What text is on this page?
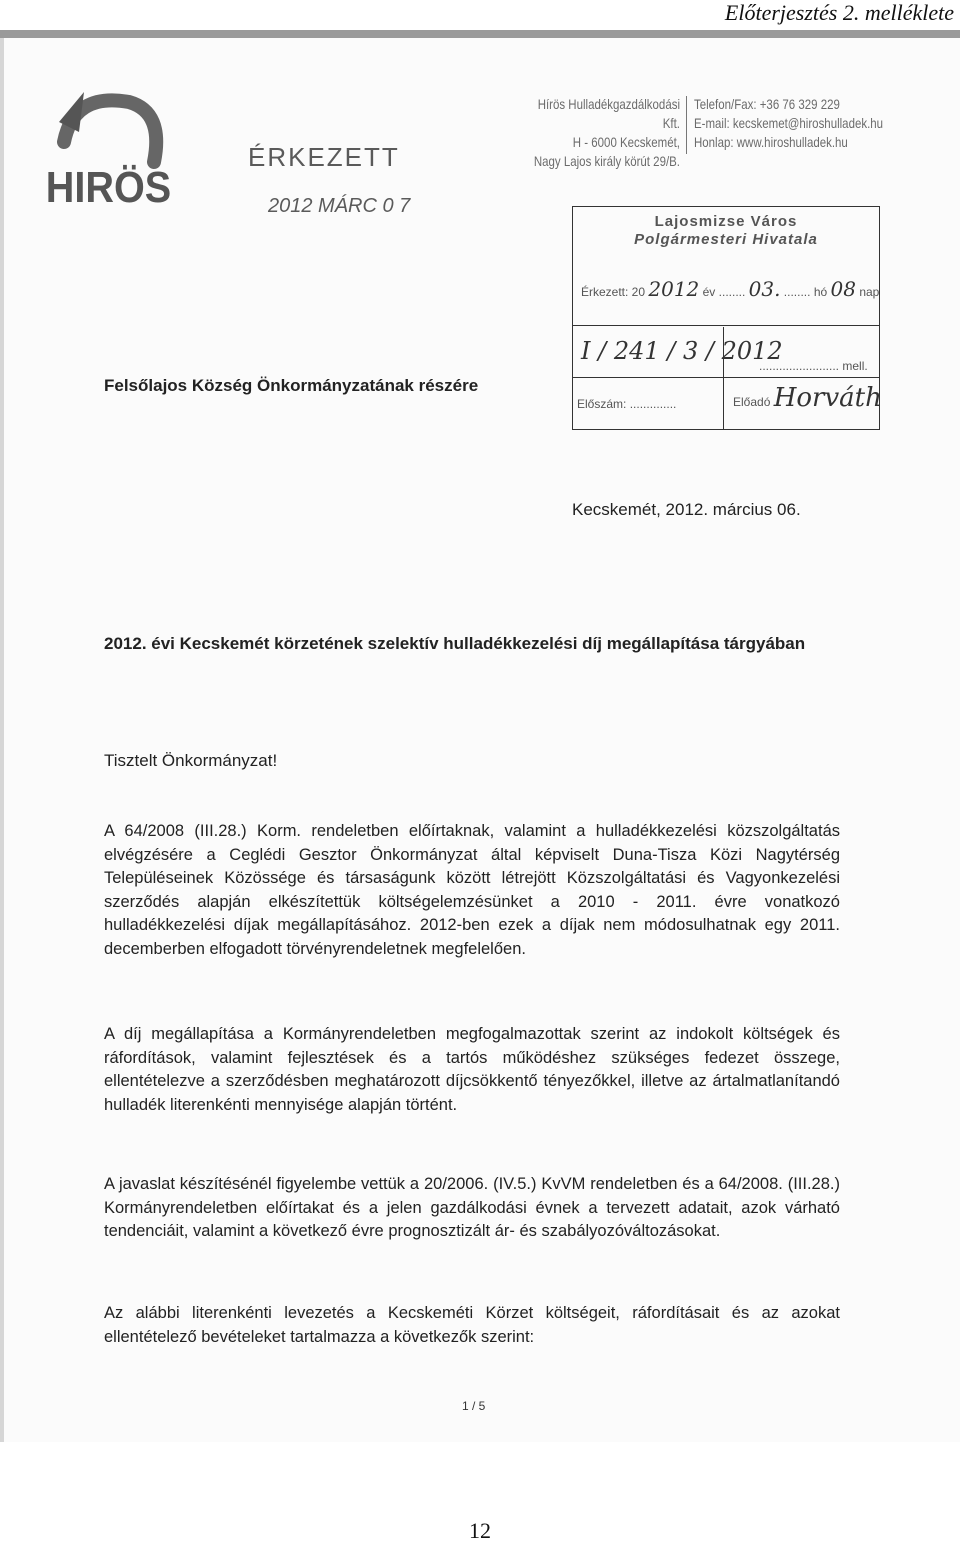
Előterjesztés 2. melléklete
HIRÖS
ÉRKEZETT
2012 MÁRC 0 7
Hírös Hulladékgazdálkodási Kft.
H - 6000 Kecskemét,
Nagy Lajos király körút 29/B.
Telefon/Fax: +36 76 329 229
E-mail: kecskemet@hiroshulladek.hu
Honlap: www.hiroshulladek.hu
Lajosmizse Város
Polgármesteri Hivatala
Érkezett: 20 2012 év ........ 03. ........ hó 08 nap
I / 241 / 3 / 2012
........................ mell.
Előszám: ..............	Előadó Horváth
Felsőlajos Község Önkormányzatának részére
Kecskemét, 2012. március 06.
2012. évi Kecskemét körzetének szelektív hulladékkezelési díj megállapítása tárgyában
Tisztelt Önkormányzat!

A 64/2008 (III.28.) Korm. rendeletben előírtaknak, valamint a hulladékkezelési közszolgáltatás elvégzésére a Ceglédi Gesztor Önkormányzat által képviselt Duna-Tisza Közi Nagytérség Településeinek Közössége és társaságunk között létrejött Közszolgáltatási és Vagyonkezelési szerződés alapján elkészítettük költségelemzésünket a 2010 - 2011. évre vonatkozó hulladékkezelési díjak megállapításához. 2012-ben ezek a díjak nem módosulhatnak egy 2011. decemberben elfogadott törvényrendeletnek megfelelően.

A díj megállapítása a Kormányrendeletben megfogalmazottak szerint az indokolt költségek és ráfordítások, valamint fejlesztések és a tartós működéshez szükséges fedezet összege, ellentételezve a szerződésben meghatározott díjcsökkentő tényezőkkel, illetve az ártalmatlanítandó hulladék literenkénti mennyisége alapján történt.

A javaslat készítésénél figyelembe vettük a 20/2006. (IV.5.) KvVM rendeletben és a 64/2008. (III.28.) Kormányrendeletben előírtakat és a jelen gazdálkodási évnek a tervezett adatait, azok várható tendenciáit, valamint a következő évre prognosztizált ár- és szabályozóváltozásokat.

Az alábbi literenkénti levezetés a Kecskeméti Körzet költségeit, ráfordításait és az azokat ellentételező bevételeket tartalmazza a következők szerint:

1 / 5
12
